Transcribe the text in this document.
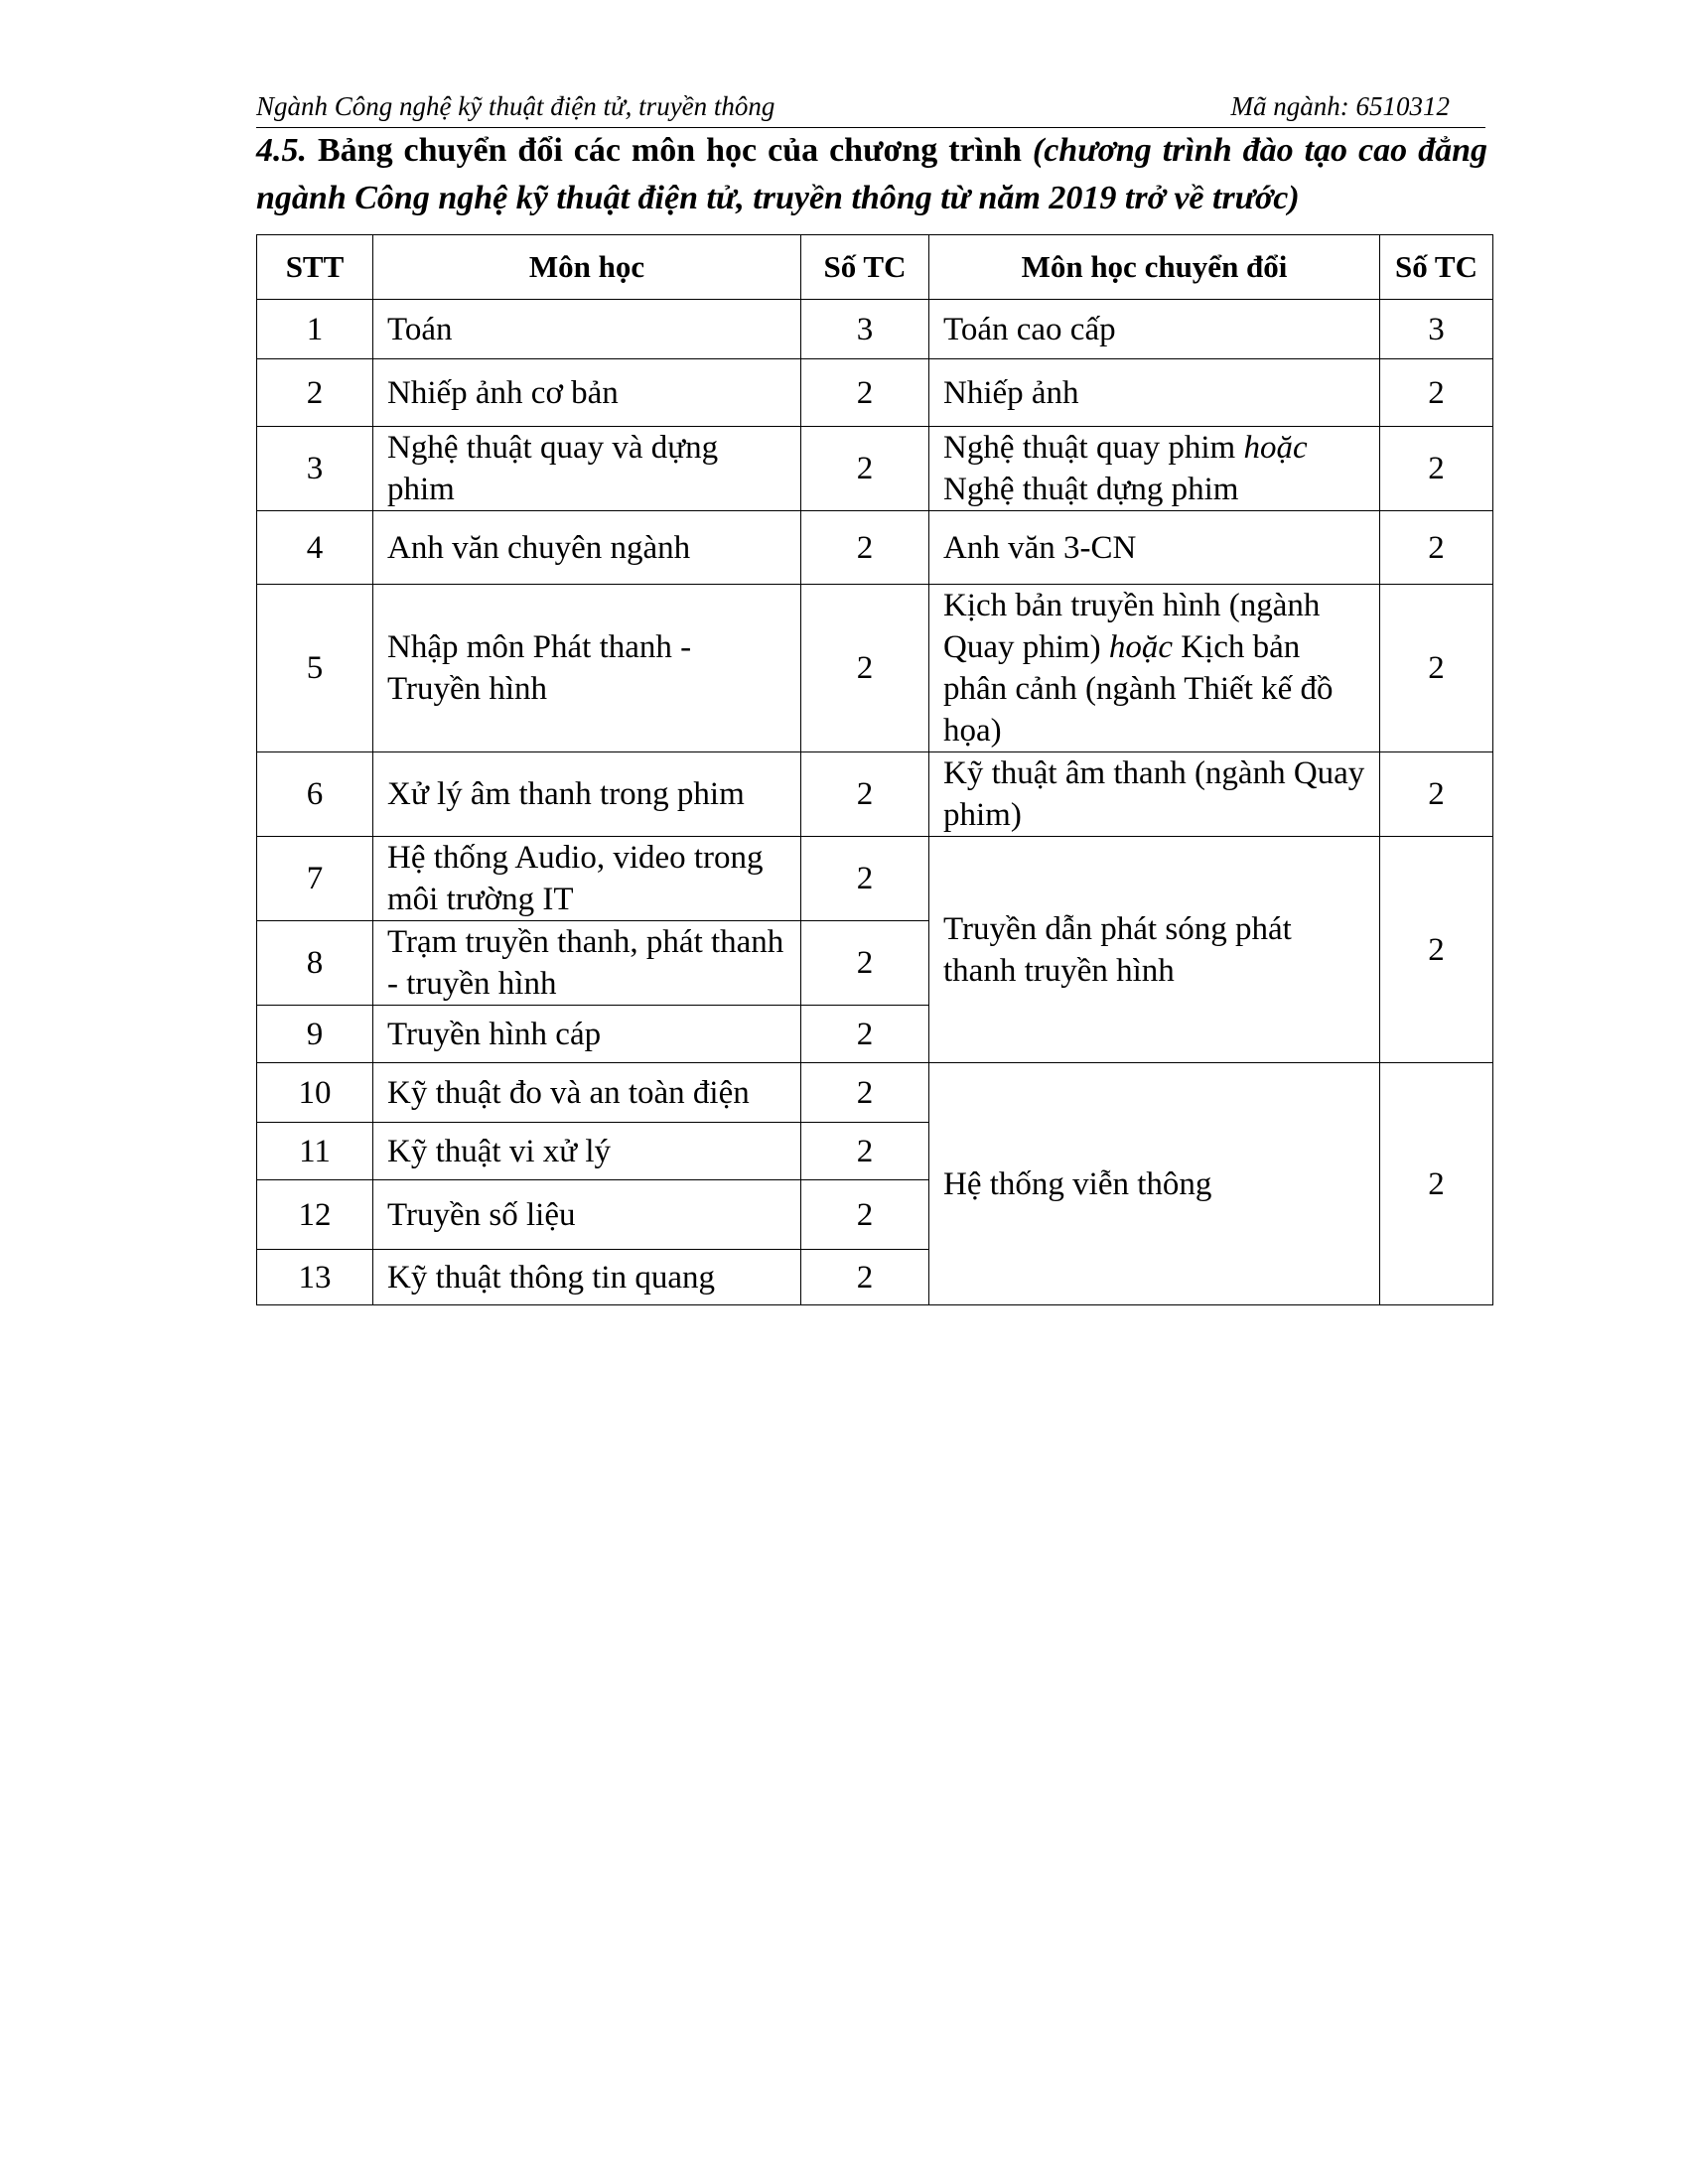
Ngành Công nghệ kỹ thuật điện tử, truyền thông	Mã ngành: 6510312
4.5. Bảng chuyển đổi các môn học của chương trình (chương trình đào tạo cao đẳng ngành Công nghệ kỹ thuật điện tử, truyền thông từ năm 2019 trở về trước)
STT	Môn học	Số TC	Môn học chuyển đổi	Số TC
1	Toán	3	Toán cao cấp	3
2	Nhiếp ảnh cơ bản	2	Nhiếp ảnh	2
3	Nghệ thuật quay và dựng phim	2	Nghệ thuật quay phim hoặc Nghệ thuật dựng phim	2
4	Anh văn chuyên ngành	2	Anh văn 3-CN	2
5	Nhập môn Phát thanh - Truyền hình	2	Kịch bản truyền hình (ngành Quay phim) hoặc Kịch bản phân cảnh (ngành Thiết kế đồ họa)	2
6	Xử lý âm thanh trong phim	2	Kỹ thuật âm thanh (ngành Quay phim)	2
7	Hệ thống Audio, video trong môi trường IT	2	Truyền dẫn phát sóng phát thanh truyền hình	2
8	Trạm truyền thanh, phát thanh - truyền hình	2		
9	Truyền hình cáp	2		
10	Kỹ thuật đo và an toàn điện	2	Hệ thống viễn thông	2
11	Kỹ thuật vi xử lý	2		
12	Truyền số liệu	2		
13	Kỹ thuật thông tin quang	2		
